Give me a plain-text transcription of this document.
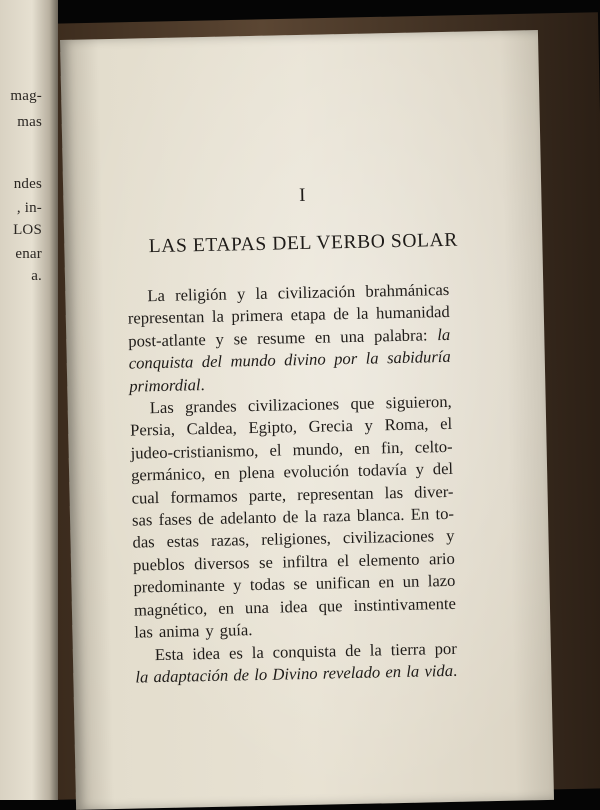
mag-
mas
ndes
, in-
LOS
enar
a.
I
LAS ETAPAS DEL VERBO SOLAR
La religión y la civilización brahmánicas
representan la primera etapa de la humanidad
post-atlante y se resume en una palabra: la
conquista del mundo divino por la sabiduría
primordial.
Las grandes civilizaciones que siguieron,
Persia, Caldea, Egipto, Grecia y Roma, el
judeo-cristianismo, el mundo, en fin, celto-
germánico, en plena evolución todavía y del
cual formamos parte, representan las diver-
sas fases de adelanto de la raza blanca. En to-
das estas razas, religiones, civilizaciones y
pueblos diversos se infiltra el elemento ario
predominante y todas se unifican en un lazo
magnético, en una idea que instintivamente
las anima y guía.
Esta idea es la conquista de la tierra por
la adaptación de lo Divino revelado en la vida.
